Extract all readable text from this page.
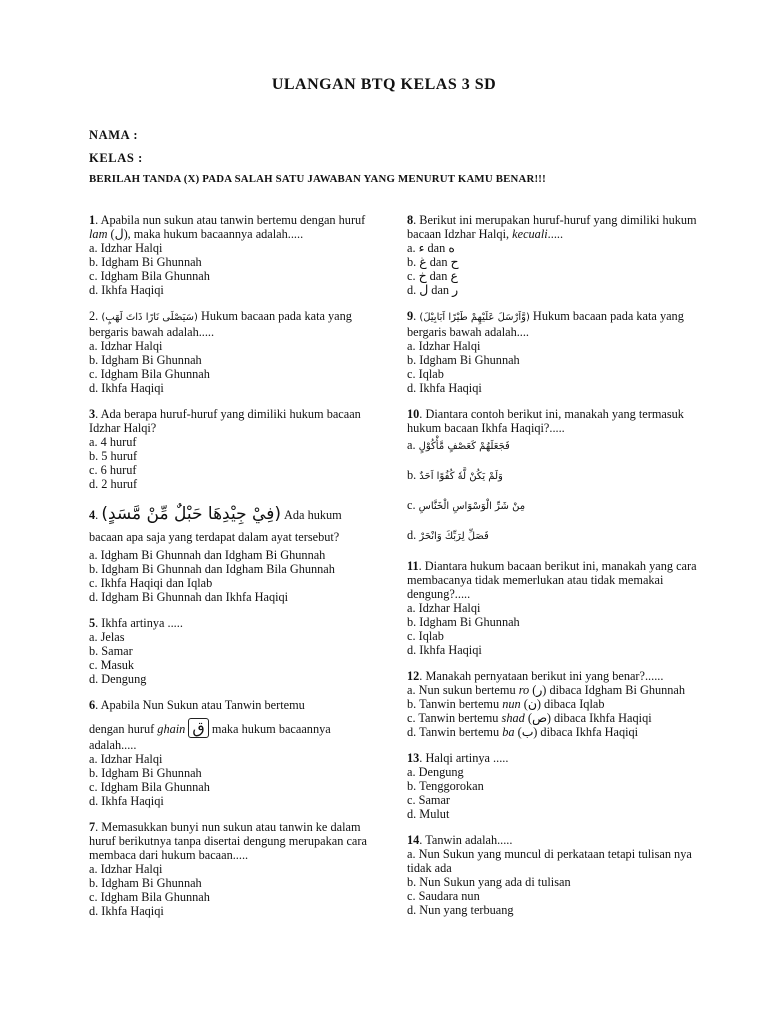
ULANGAN BTQ KELAS 3 SD
NAMA :
KELAS :
BERILAH TANDA (X) PADA SALAH SATU JAWABAN YANG MENURUT KAMU BENAR!!!
1. Apabila nun sukun atau tanwin bertemu dengan huruf lam (ل), maka hukum bacaannya adalah.....
a. Idzhar Halqi
b. Idgham Bi Ghunnah
c. Idgham Bila Ghunnah
d. Ikhfa Haqiqi
2. (سَيَصْلَى نَارًا ذَاتَ لَهَبٍ) Hukum bacaan pada kata yang bergaris bawah adalah.....
a. Idzhar Halqi
b. Idgham Bi Ghunnah
c. Idgham Bila Ghunnah
d. Ikhfa Haqiqi
3. Ada berapa huruf-huruf yang dimiliki hukum bacaan Idzhar Halqi?
a. 4 huruf
b. 5 huruf
c. 6 huruf
d. 2 huruf
4. (فِيْ جِيْدِهَا حَبْلٌ مِّنْ مَّسَدٍ) Ada hukum bacaan apa saja yang terdapat dalam ayat tersebut?
a. Idgham Bi Ghunnah dan Idgham Bi Ghunnah
b. Idgham Bi Ghunnah dan Idgham Bila Ghunnah
c. Ikhfa Haqiqi dan Iqlab
d. Idgham Bi Ghunnah dan Ikhfa Haqiqi
5. Ikhfa artinya .....
a. Jelas
b. Samar
c. Masuk
d. Dengung
6. Apabila Nun Sukun atau Tanwin bertemu
dengan huruf ghain ق maka hukum bacaannya adalah.....
a. Idzhar Halqi
b. Idgham Bi Ghunnah
c. Idgham Bila Ghunnah
d. Ikhfa Haqiqi
7. Memasukkan bunyi nun sukun atau tanwin ke dalam huruf berikutnya tanpa disertai dengung merupakan cara membaca dari hukum bacaan.....
a. Idzhar Halqi
b. Idgham Bi Ghunnah
c. Idgham Bila Ghunnah
d. Ikhfa Haqiqi
8. Berikut ini merupakan huruf-huruf yang dimiliki hukum bacaan Idzhar Halqi, kecuali.....
a. ء dan ه
b. غ dan ح
c. خ dan ع
d. ل dan ر
9. (وَّاَرْسَلَ عَلَيْهِمْ طَيْرًا اَبَابِيْلَ) Hukum bacaan pada kata yang bergaris bawah adalah....
a. Idzhar Halqi
b. Idgham Bi Ghunnah
c. Iqlab
d. Ikhfa Haqiqi
10. Diantara contoh berikut ini, manakah yang termasuk hukum bacaan Ikhfa Haqiqi?.....
a. فَجَعَلَهُمْ كَعَصْفٍ مَّأْكُوْلٍ
b. وَلَمْ يَكُنْ لَّهٗ كُفُوًا اَحَدٌ
c. مِنْ شَرِّ الْوَسْوَاسِ الْخَنَّاسِ
d. فَصَلِّ لِرَبِّكَ وَانْحَرْ
11. Diantara hukum bacaan berikut ini, manakah yang cara membacanya tidak memerlukan atau tidak memakai dengung?.....
a. Idzhar Halqi
b. Idgham Bi Ghunnah
c. Iqlab
d. Ikhfa Haqiqi
12. Manakah pernyataan berikut ini yang benar?......
a. Nun sukun bertemu ro (ر) dibaca Idgham Bi Ghunnah
b. Tanwin bertemu nun (ن) dibaca Iqlab
c. Tanwin bertemu shad (ص) dibaca Ikhfa Haqiqi
d. Tanwin bertemu ba (ب) dibaca Ikhfa Haqiqi
13. Halqi artinya .....
a. Dengung
b. Tenggorokan
c. Samar
d. Mulut
14. Tanwin adalah.....
a. Nun Sukun yang muncul di perkataan tetapi tulisan nya tidak ada
b. Nun Sukun yang ada di tulisan
c. Saudara nun
d. Nun yang terbuang
